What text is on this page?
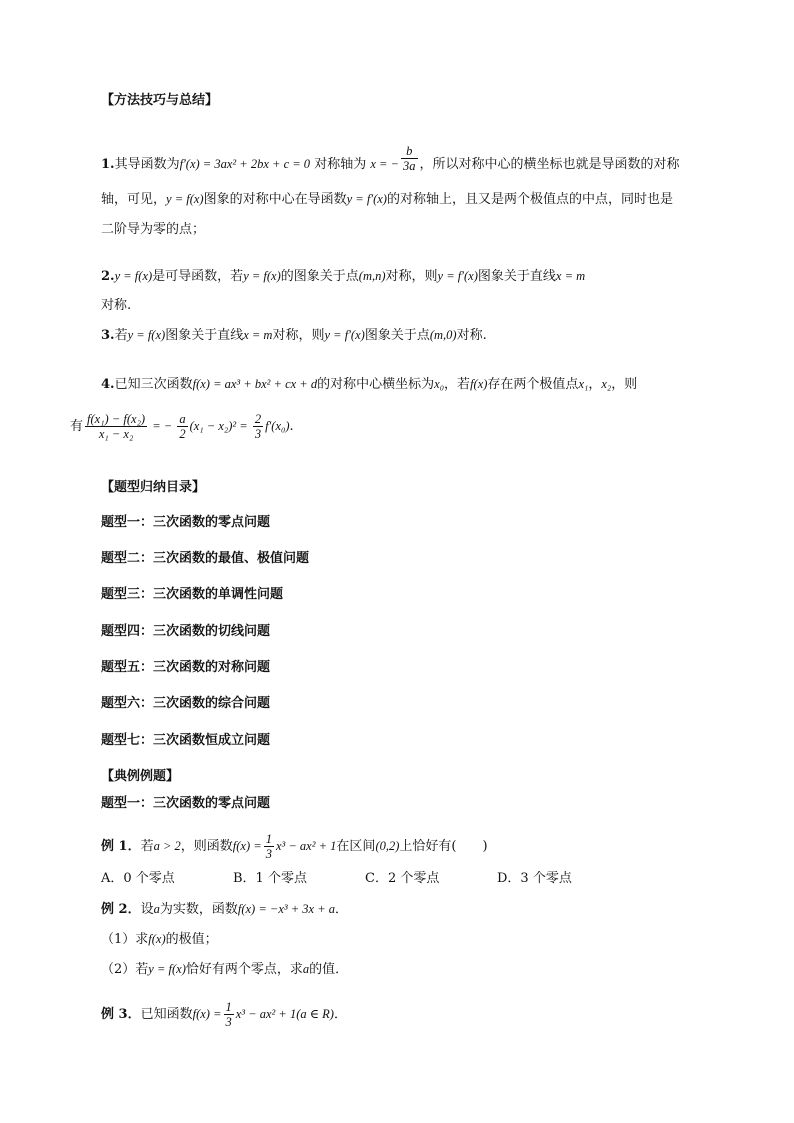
【方法技巧与总结】
1.其导函数为f′(x) = 3ax² + 2bx + c = 0 对称轴为 x = − $\frac{b}{3a}$ ，所以对称中心的横坐标也就是导函数的对称
轴，可见，y = f(x)图象的对称中心在导函数y = f′(x)的对称轴上，且又是两个极值点的中点，同时也是
二阶导为零的点；
2.y = f(x)是可导函数，若y = f(x)的图象关于点(m,n)对称，则y = f′(x)图象关于直线x = m
对称.
3.若y = f(x)图象关于直线x = m对称，则y = f′(x)图象关于点(m,0)对称.
4.已知三次函数f(x) = ax³ + bx² + cx + d的对称中心横坐标为x₀，若f(x)存在两个极值点x₁，x₂，则
有 $\frac{\text{f(x₁) − f(x₂)}}{\text{x₁ − x₂}}$ = − $\frac{a}{2} (x_1 - x_2)^2 = \frac{2}{3} f'(x_0)$.
【题型归纳目录】
题型一：三次函数的零点问题
题型二：三次函数的最值、极值问题
题型三：三次函数的单调性问题
题型四：三次函数的切线问题
题型五：三次函数的对称问题
题型六：三次函数的综合问题
题型七：三次函数恒成立问题
【典例例题】
题型一：三次函数的零点问题
例 1．若a > 2，则函数$f(x) = \frac{1}{3} x^3 - ax^2 + 1$在区间(0,2)上恰好有(　　)
A．0 个零点	B．1 个零点	C．2 个零点	D．3 个零点
例 2．设a为实数，函数f(x) = −x³ + 3x + a．
（1）求f(x)的极值；
（2）若y = f(x)恰好有两个零点，求a的值．
例 3．已知函数$f(x) = \frac{1}{3} x^3 - ax^2 + 1(a$ ∈ R)．
